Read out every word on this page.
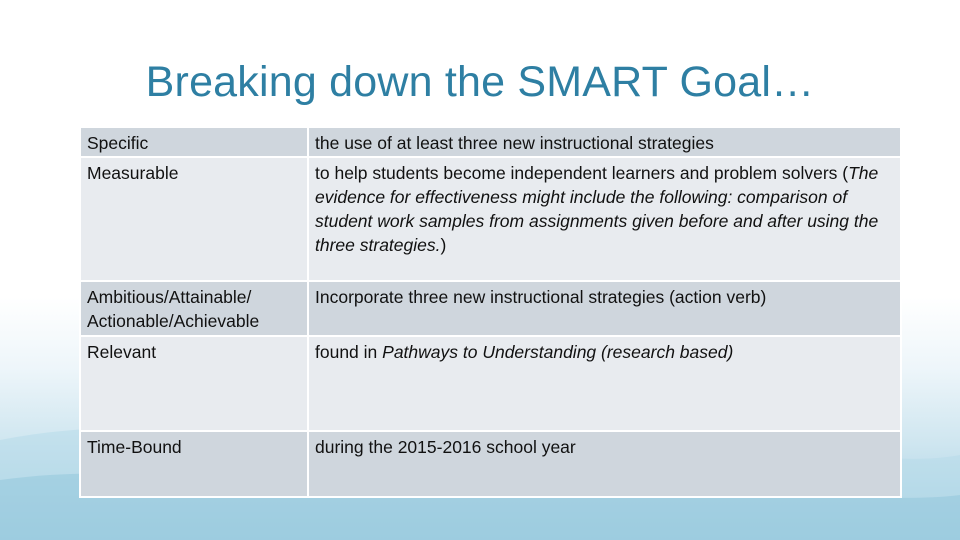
Breaking down the SMART Goal…
Specific	the use of at least three new instructional strategies
Measurable	to help students become independent learners and problem solvers (The evidence for effectiveness might include the following: comparison of student work samples from assignments given before and after using the three strategies.)
Ambitious/Attainable/ Actionable/Achievable	Incorporate three new instructional strategies (action verb)
Relevant	found in Pathways to Understanding (research based)
Time-Bound	during the 2015-2016 school year
